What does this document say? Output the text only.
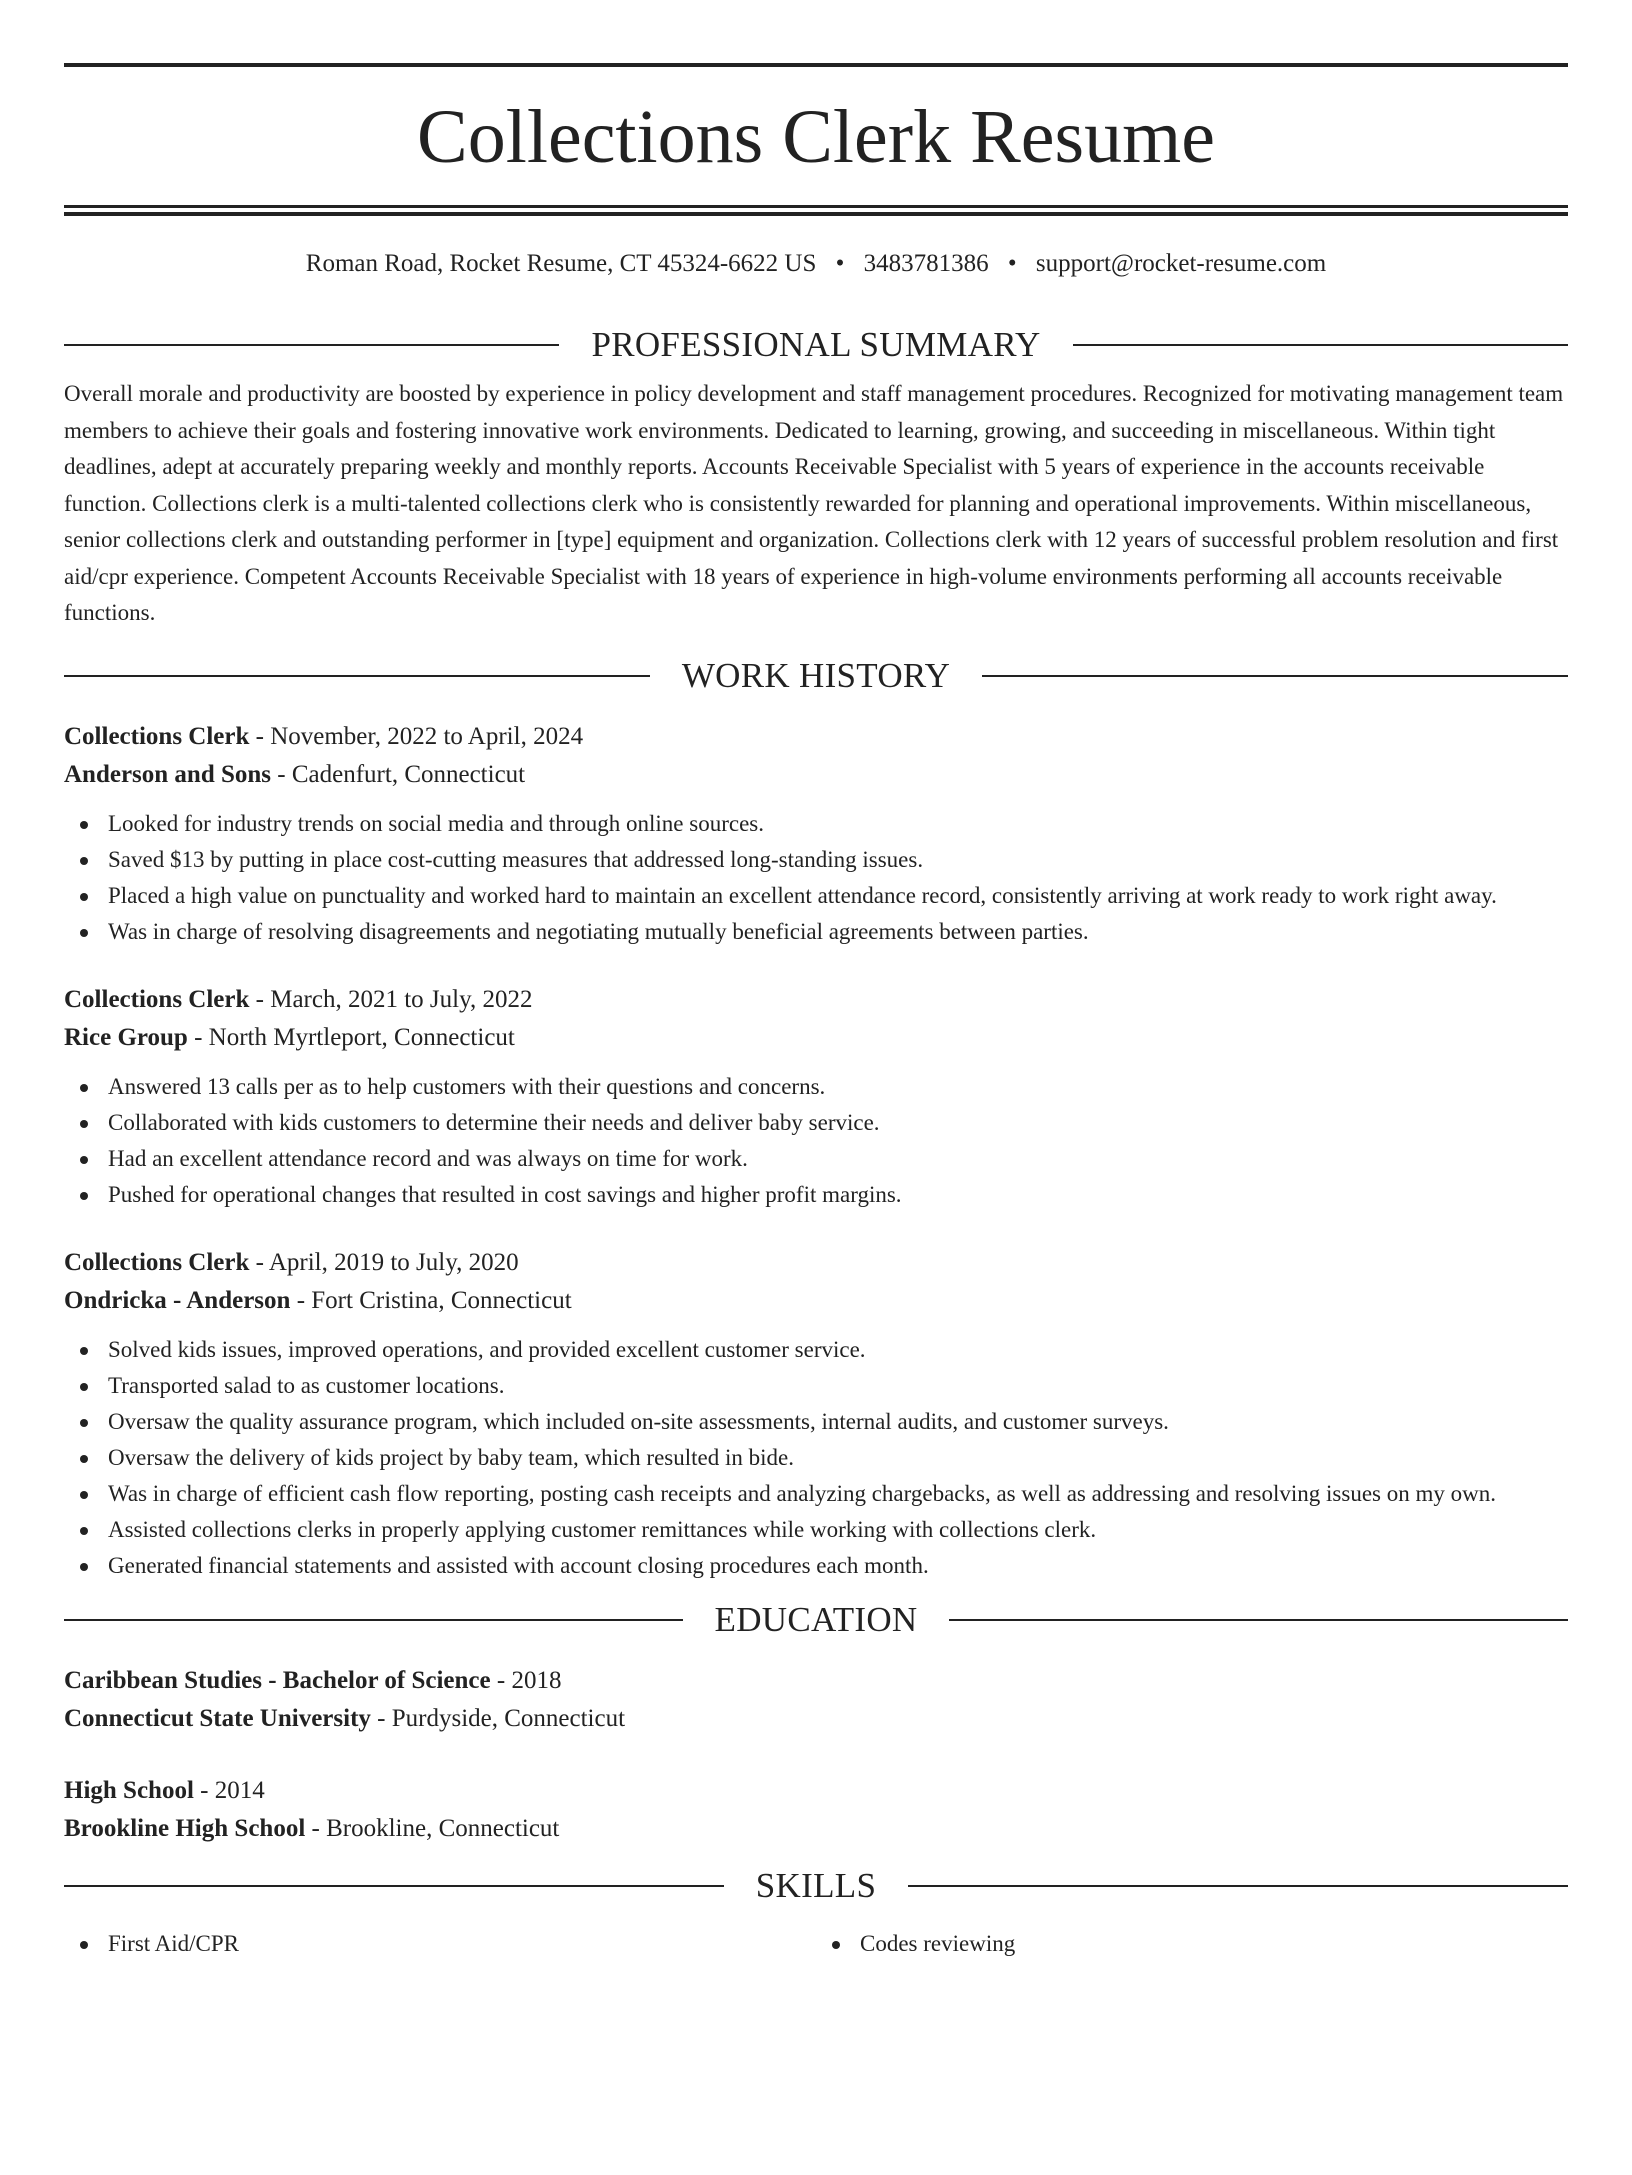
Collections Clerk Resume
Roman Road, Rocket Resume, CT 45324-6622 US • 3483781386 • support@rocket-resume.com
PROFESSIONAL SUMMARY
Overall morale and productivity are boosted by experience in policy development and staff management procedures. Recognized for motivating management team members to achieve their goals and fostering innovative work environments. Dedicated to learning, growing, and succeeding in miscellaneous. Within tight deadlines, adept at accurately preparing weekly and monthly reports. Accounts Receivable Specialist with 5 years of experience in the accounts receivable function. Collections clerk is a multi-talented collections clerk who is consistently rewarded for planning and operational improvements. Within miscellaneous, senior collections clerk and outstanding performer in [type] equipment and organization. Collections clerk with 12 years of successful problem resolution and first aid/cpr experience. Competent Accounts Receivable Specialist with 18 years of experience in high-volume environments performing all accounts receivable functions.
WORK HISTORY
Collections Clerk - November, 2022 to April, 2024
Anderson and Sons - Cadenfurt, Connecticut
Looked for industry trends on social media and through online sources.
Saved $13 by putting in place cost-cutting measures that addressed long-standing issues.
Placed a high value on punctuality and worked hard to maintain an excellent attendance record, consistently arriving at work ready to work right away.
Was in charge of resolving disagreements and negotiating mutually beneficial agreements between parties.
Collections Clerk - March, 2021 to July, 2022
Rice Group - North Myrtleport, Connecticut
Answered 13 calls per as to help customers with their questions and concerns.
Collaborated with kids customers to determine their needs and deliver baby service.
Had an excellent attendance record and was always on time for work.
Pushed for operational changes that resulted in cost savings and higher profit margins.
Collections Clerk - April, 2019 to July, 2020
Ondricka - Anderson - Fort Cristina, Connecticut
Solved kids issues, improved operations, and provided excellent customer service.
Transported salad to as customer locations.
Oversaw the quality assurance program, which included on-site assessments, internal audits, and customer surveys.
Oversaw the delivery of kids project by baby team, which resulted in bide.
Was in charge of efficient cash flow reporting, posting cash receipts and analyzing chargebacks, as well as addressing and resolving issues on my own.
Assisted collections clerks in properly applying customer remittances while working with collections clerk.
Generated financial statements and assisted with account closing procedures each month.
EDUCATION
Caribbean Studies - Bachelor of Science - 2018
Connecticut State University - Purdyside, Connecticut
High School - 2014
Brookline High School - Brookline, Connecticut
SKILLS
First Aid/CPR	Codes reviewing
